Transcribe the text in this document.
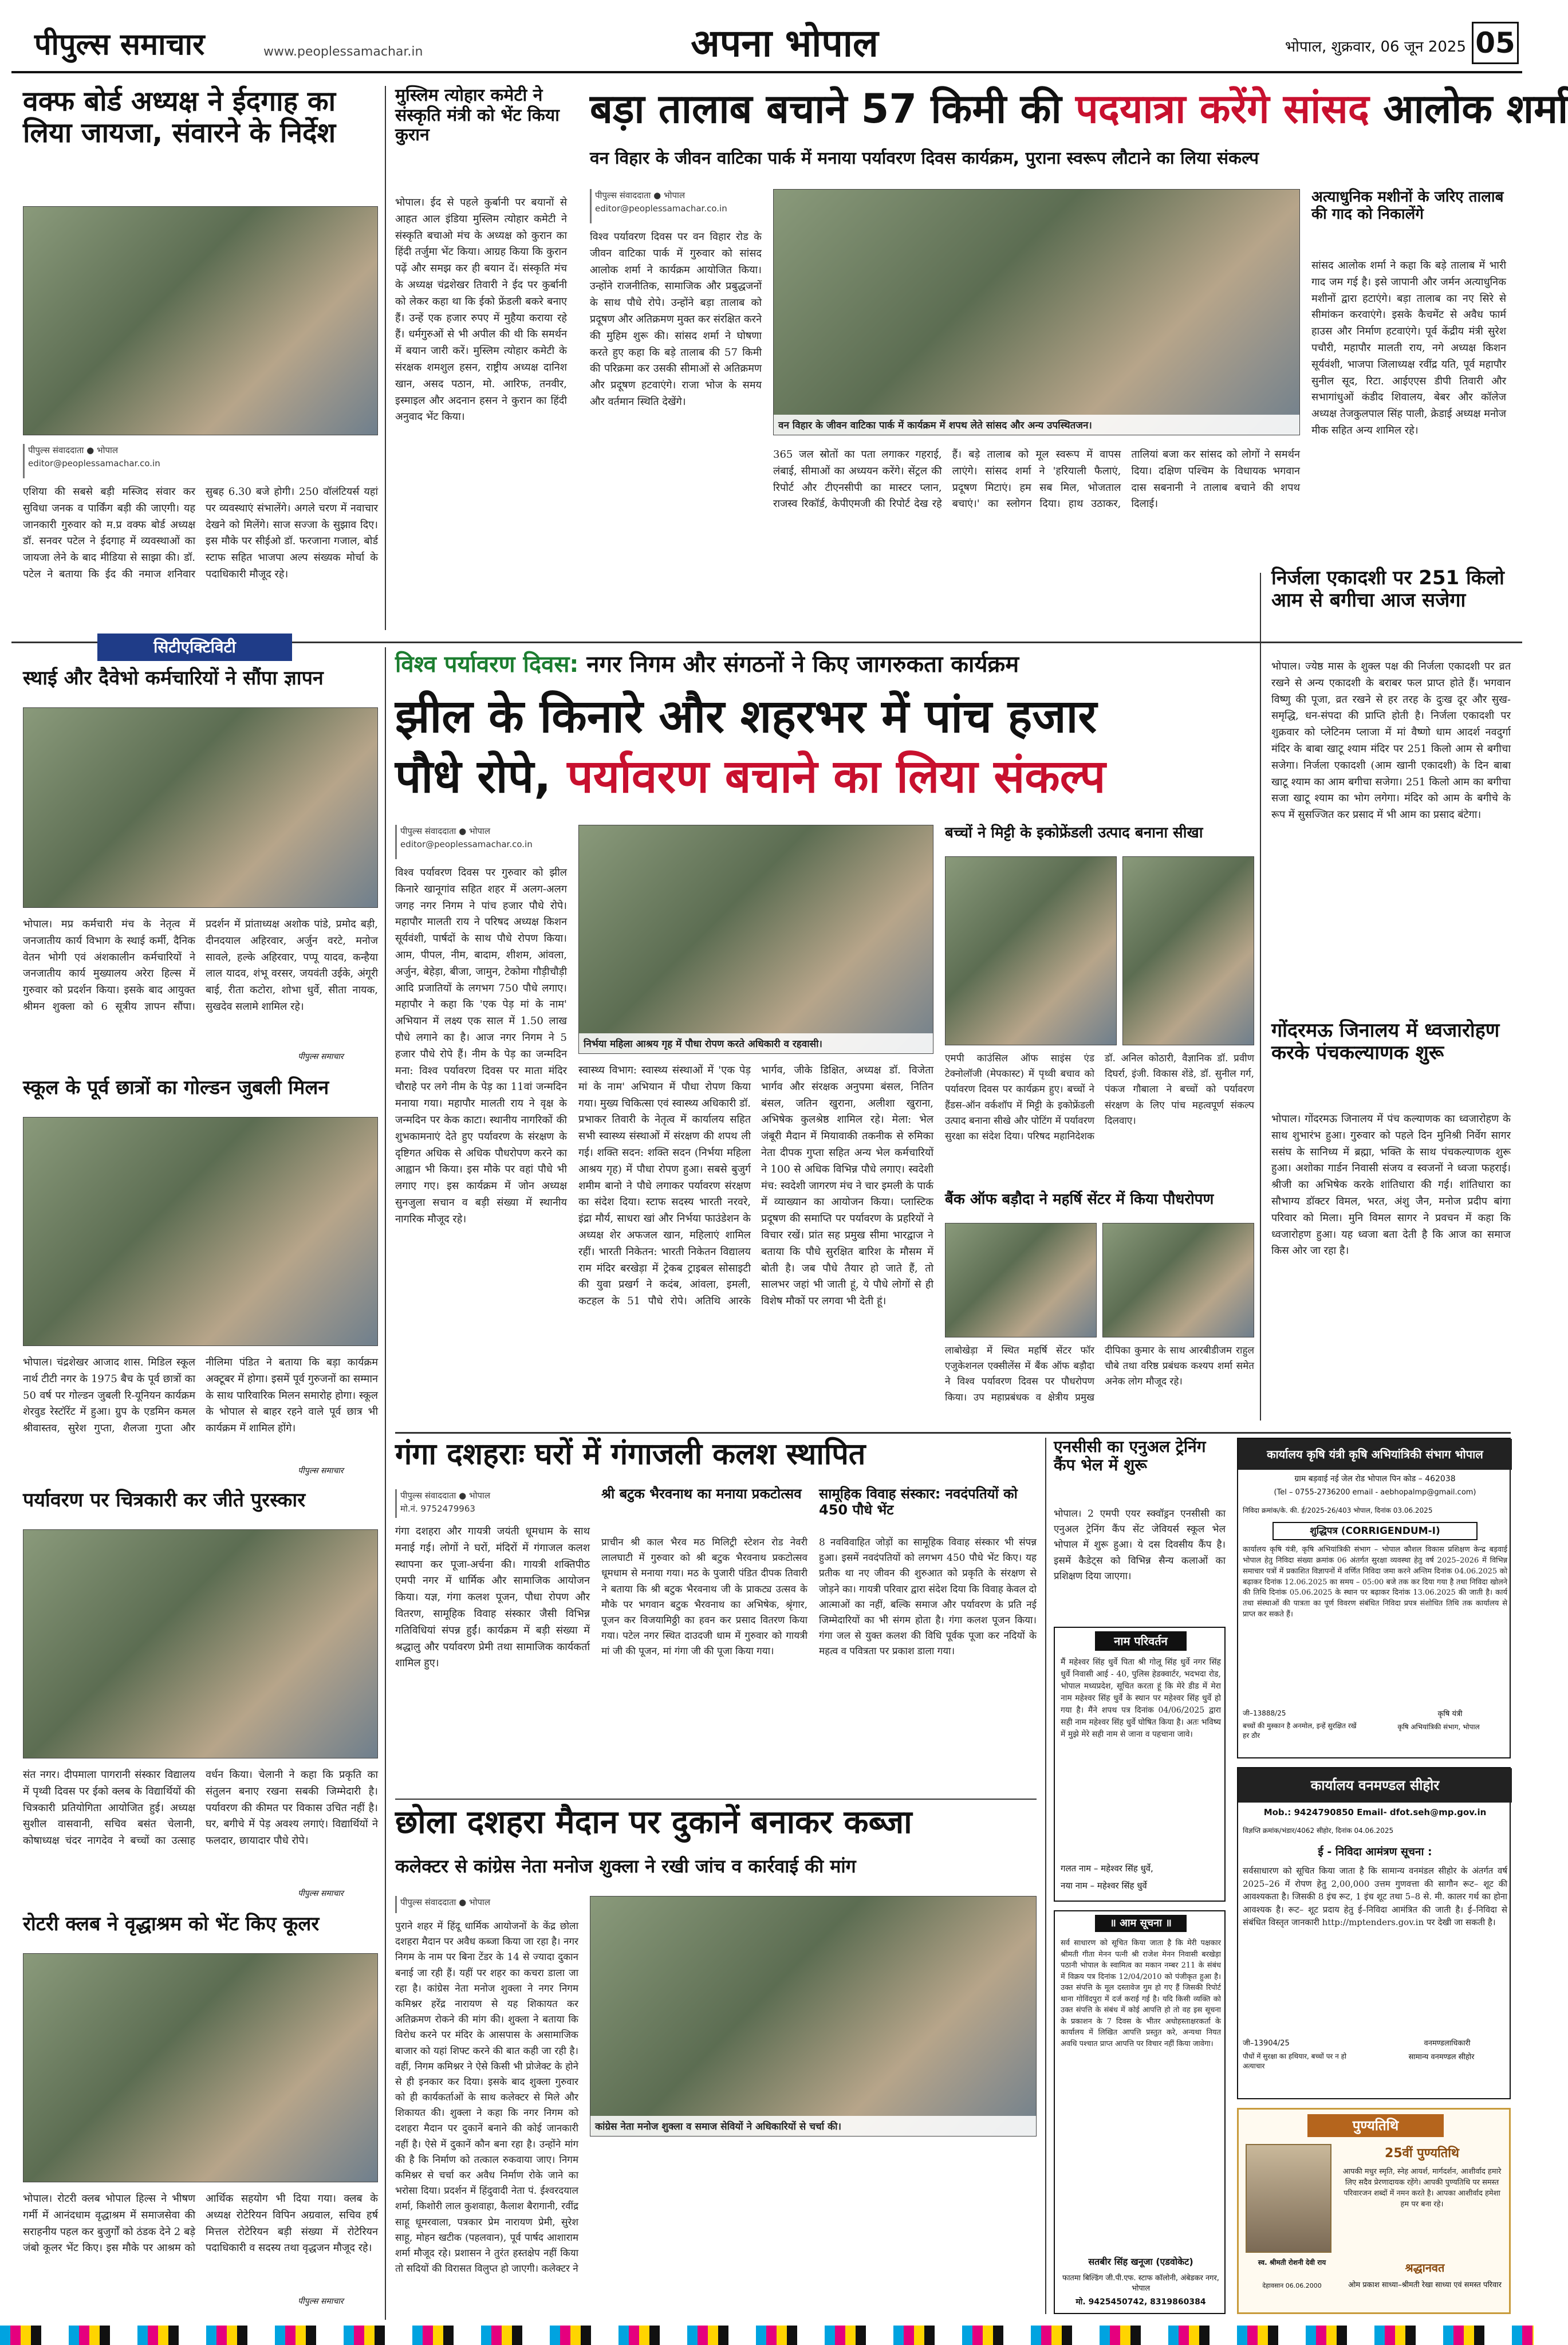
पीपुल्स समाचार	www.peoplessamachar.in	अपना भोपाल	भोपाल, शुक्रवार, 06 जून 2025 05
वक्फ बोर्ड अध्यक्ष ने ईदगाह का लिया जायजा, संवारने के निर्देश
पीपुल्स संवाददाता ● भोपाल
editor@peoplessamachar.co.in
एशिया की सबसे बड़ी मस्जिद संवार कर सुविधा जनक व पार्किंग बड़ी की जाएगी। यह जानकारी गुरुवार को म.प्र वक्फ बोर्ड अध्यक्ष डॉ. सनवर पटेल ने ईदगाह में व्यवस्थाओं का जायजा लेने के बाद मीडिया से साझा की। डॉ. पटेल ने बताया कि ईद की नमाज शनिवार सुबह 6.30 बजे होगी। 250 वॉलंटियर्स यहां पर व्यवस्थाएं संभालेंगे। अगले चरण में नवाचार देखने को मिलेंगे। साज सज्जा के सुझाव दिए। इस मौके पर सीईओ डॉ. फरजाना गजाल, बोर्ड स्टाफ सहित भाजपा अल्प संख्यक मोर्चा के पदाधिकारी मौजूद रहे।
मुस्लिम त्योहार कमेटी ने संस्कृति मंत्री को भेंट किया कुरान
भोपाल। ईद से पहले कुर्बानी पर बयानों से आहत आल इंडिया मुस्लिम त्योहार कमेटी ने संस्कृति बचाओ मंच के अध्यक्ष को कुरान का हिंदी तर्जुमा भेंट किया। आग्रह किया कि कुरान पढ़ें और समझ कर ही बयान दें। संस्कृति मंच के अध्यक्ष चंद्रशेखर तिवारी ने ईद पर कुर्बानी को लेकर कहा था कि ईको फ्रेंडली बकरे बनाए हैं। उन्हें एक हजार रुपए में मुहैया कराया रहे हैं। धर्मगुरुओं से भी अपील की थी कि समर्थन में बयान जारी करें। मुस्लिम त्योहार कमेटी के संरक्षक शमशुल हसन, राष्ट्रीय अध्यक्ष दानिश खान, असद पठान, मो. आरिफ, तनवीर, इस्माइल और अदनान हसन ने कुरान का हिंदी अनुवाद भेंट किया।
बड़ा तालाब बचाने 57 किमी की पदयात्रा करेंगे सांसद आलोक शर्मा
वन विहार के जीवन वाटिका पार्क में मनाया पर्यावरण दिवस कार्यक्रम, पुराना स्वरूप लौटाने का लिया संकल्प
पीपुल्स संवाददाता ● भोपाल
editor@peoplessamachar.co.in
विश्व पर्यावरण दिवस पर वन विहार रोड के जीवन वाटिका पार्क में गुरुवार को सांसद आलोक शर्मा ने कार्यक्रम आयोजित किया। उन्होंने राजनीतिक, सामाजिक और प्रबुद्धजनों के साथ पौधे रोपे। उन्होंने बड़ा तालाब को प्रदूषण और अतिक्रमण मुक्त कर संरक्षित करने की मुहिम शुरू की। सांसद शर्मा ने घोषणा करते हुए कहा कि बड़े तालाब की 57 किमी की परिक्रमा कर उसकी सीमाओं से अतिक्रमण और प्रदूषण हटवाएंगे। राजा भोज के समय और वर्तमान स्थिति देखेंगे।
वन विहार के जीवन वाटिका पार्क में कार्यक्रम में शपथ लेते सांसद और अन्य उपस्थितजन।
365 जल स्रोतों का पता लगाकर गहराई, लंबाई, सीमाओं का अध्ययन करेंगे। सेंट्रल की रिपोर्ट और टीएनसीपी का मास्टर प्लान, राजस्व रिकॉर्ड, केपीएमजी की रिपोर्ट देख रहे हैं। बड़े तालाब को मूल स्वरूप में वापस लाएंगे। सांसद शर्मा ने 'हरियाली फैलाएं, प्रदूषण मिटाएं। हम सब मिल, भोजताल बचाएं।' का स्लोगन दिया। हाथ उठाकर, तालियां बजा कर सांसद को लोगों ने समर्थन दिया। दक्षिण पश्चिम के विधायक भगवान दास सबनानी ने तालाब बचाने की शपथ दिलाई।
अत्याधुनिक मशीनों के जरिए तालाब की गाद को निकालेंगे
सांसद आलोक शर्मा ने कहा कि बड़े तालाब में भारी गाद जम गई है। इसे जापानी और जर्मन अत्याधुनिक मशीनों द्वारा हटाएंगे। बड़ा तालाब का नए सिरे से सीमांकन करवाएंगे। इसके कैचमेंट से अवैध फार्म हाउस और निर्माण हटवाएंगे। पूर्व केंद्रीय मंत्री सुरेश पचौरी, महापौर मालती राय, नगे अध्यक्ष किशन सूर्यवंशी, भाजपा जिलाध्यक्ष रवींद्र यति, पूर्व महापौर सुनील सूद, रिटा. आईएएस डीपी तिवारी और सभागांधुओं कंडीद शिवालय, बेबर और कॉलेज अध्यक्ष तेजकुलपाल सिंह पाली, क्रेडाई अध्यक्ष मनोज मीक सहित अन्य शामिल रहे।
सिटीएक्टिविटी
स्थाई और दैवेभो कर्मचारियों ने सौंपा ज्ञापन
भोपाल। मप्र कर्मचारी मंच के नेतृत्व में जनजातीय कार्य विभाग के स्थाई कर्मी, दैनिक वेतन भोगी एवं अंशकालीन कर्मचारियों ने जनजातीय कार्य मुख्यालय अरेरा हिल्स में गुरुवार को प्रदर्शन किया। इसके बाद आयुक्त श्रीमन शुक्ला को 6 सूत्रीय ज्ञापन सौंपा। प्रदर्शन में प्रांताध्यक्ष अशोक पांडे, प्रमोद बड़ी, दीनदयाल अहिरवार, अर्जुन वरटे, मनोज सावले, हल्के अहिरवार, पप्पू यादव, कन्हैया लाल यादव, शंभू वरसर, जयवंती उईके, अंगूरी बाई, रीता कटोरा, शोभा धुर्वे, सीता नायक, सुखदेव सलामे शामिल रहे।
पीपुल्स समाचार
स्कूल के पूर्व छात्रों का गोल्डन जुबली मिलन
भोपाल। चंद्रशेखर आजाद शास. मिडिल स्कूल नार्थ टीटी नगर के 1975 बैच के पूर्व छात्रों का 50 वर्ष पर गोल्डन जुबली रि-यूनियन कार्यक्रम शेरवुड रेस्टॉरेंट में हुआ। ग्रुप के एडमिन कमल श्रीवास्तव, सुरेश गुप्ता, शैलजा गुप्ता और नीलिमा पंडित ने बताया कि बड़ा कार्यक्रम अक्टूबर में होगा। इसमें पूर्व गुरुजनों का सम्मान के साथ पारिवारिक मिलन समारोह होगा। स्कूल के भोपाल से बाहर रहने वाले पूर्व छात्र भी कार्यक्रम में शामिल होंगे।
पीपुल्स समाचार
पर्यावरण पर चित्रकारी कर जीते पुरस्कार
संत नगर। दीपमाला पागरानी संस्कार विद्यालय में पृथ्वी दिवस पर ईको क्लब के विद्यार्थियों की चित्रकारी प्रतियोगिता आयोजित हुई। अध्यक्ष सुशील वासवानी, सचिव बसंत चेलानी, कोषाध्यक्ष चंदर नागदेव ने बच्चों का उत्साह वर्धन किया। चेलानी ने कहा कि प्रकृति का संतुलन बनाए रखना सबकी जिम्मेदारी है। पर्यावरण की कीमत पर विकास उचित नहीं है। घर, बगीचे में पेड़ अवश्य लगाएं। विद्यार्थियों ने फलदार, छायादार पौधे रोपे।
पीपुल्स समाचार
रोटरी क्लब ने वृद्धाश्रम को भेंट किए कूलर
भोपाल। रोटरी क्लब भोपाल हिल्स ने भीषण गर्मी में आनंदधाम वृद्धाश्रम में समाजसेवा की सराहनीय पहल कर बुजुर्गों को ठंडक देने 2 बड़े जंबो कूलर भेंट किए। इस मौके पर आश्रम को आर्थिक सहयोग भी दिया गया। क्लब के अध्यक्ष रोटेरियन विपिन अग्रवाल, सचिव हर्ष मित्तल रोटेरियन बड़ी संख्या में रोटेरियन पदाधिकारी व सदस्य तथा वृद्धजन मौजूद रहे।
पीपुल्स समाचार
विश्व पर्यावरण दिवस: नगर निगम और संगठनों ने किए जागरुकता कार्यक्रम
झील के किनारे और शहरभर में पांच हजार
पौधे रोपे, पर्यावरण बचाने का लिया संकल्प
पीपुल्स संवाददाता ● भोपाल
editor@peoplessamachar.co.in
विश्व पर्यावरण दिवस पर गुरुवार को झील किनारे खानूगांव सहित शहर में अलग-अलग जगह नगर निगम ने पांच हजार पौधे रोपे। महापौर मालती राय ने परिषद अध्यक्ष किशन सूर्यवंशी, पार्षदों के साथ पौधे रोपण किया। आम, पीपल, नीम, बादाम, शीशम, आंवला, अर्जुन, बेहेड़ा, बीजा, जामुन, टेकोमा गौड़ीचौड़ी आदि प्रजातियों के लगभग 750 पौधे लगाए। महापौर ने कहा कि 'एक पेड़ मां के नाम' अभियान में लक्ष्य एक साल में 1.50 लाख पौधे लगाने का है। आज नगर निगम ने 5 हजार पौधे रोपे हैं। नीम के पेड़ का जन्मदिन मना: विश्व पर्यावरण दिवस पर माता मंदिर चौराहे पर लगे नीम के पेड़ का 11वां जन्मदिन मनाया गया। महापौर मालती राय ने वृक्ष के जन्मदिन पर केक काटा। स्थानीय नागरिकों की शुभकामनाएं देते हुए पर्यावरण के संरक्षण के दृष्टिगत अधिक से अधिक पौधरोपण करने का आह्वान भी किया। इस मौके पर वहां पौधे भी लगाए गए। इस कार्यक्रम में जोन अध्यक्ष सुनजुला सचान व बड़ी संख्या में स्थानीय नागरिक मौजूद रहे।
निर्भया महिला आश्रय गृह में पौधा रोपण करते अधिकारी व रहवासी।
स्वास्थ्य विभाग: स्वास्थ्य संस्थाओं में 'एक पेड़ मां के नाम' अभियान में पौधा रोपण किया गया। मुख्य चिकित्सा एवं स्वास्थ्य अधिकारी डॉ. प्रभाकर तिवारी के नेतृत्व में कार्यालय सहित सभी स्वास्थ्य संस्थाओं में संरक्षण की शपथ ली गई। शक्ति सदन: शक्ति सदन (निर्भया महिला आश्रय गृह) में पौधा रोपण हुआ। सबसे बुजुर्ग शमीम बानो ने पौधे लगाकर पर्यावरण संरक्षण का संदेश दिया। स्टाफ सदस्य भारती नरवरे, इंद्रा मौर्य, साधरा खां और निर्भया फाउंडेशन के अध्यक्ष शेर अफजल खान, महिलाएं शामिल रहीं। भारती निकेतन: भारती निकेतन विद्यालय राम मंदिर बरखेड़ा में ट्रेकब ट्राइबल सोसाइटी की युवा प्रखर्ग ने कदंब, आंवला, इमली, कटहल के 51 पौधे रोपे। अतिथि आरके भार्गव, जीके डिक्षित, अध्यक्ष डॉ. विजेता भार्गव और संरक्षक अनुपमा बंसल, नितिन बंसल, जतिन खुराना, अलीशा खुराना, अभिषेक कुलश्रेष्ठ शामिल रहे। मेला: भेल जंबूरी मैदान में मियावाकी तकनीक से रुमिका नेता दीपक गुप्ता सहित अन्य भेल कर्मचारियों ने 100 से अधिक विभिन्न पौधे लगाए। स्वदेशी मंच: स्वदेशी जागरण मंच ने चार इमली के पार्क में व्याख्यान का आयोजन किया। प्लास्टिक प्रदूषण की समाप्ति पर पर्यावरण के प्रहरियों ने विचार रखें। प्रांत सह प्रमुख सीमा भारद्वाज ने बताया कि पौधे सुरक्षित बारिश के मौसम में बोती है। जब पौधे तैयार हो जाते हैं, तो सालभर जहां भी जाती हूं, ये पौधे लोगों से ही विशेष मौकों पर लगवा भी देती हूं।
बच्चों ने मिट्टी के इकोफ्रेंडली उत्पाद बनाना सीखा
एमपी काउंसिल ऑफ साइंस एंड टेक्नोलॉजी (मेपकास्ट) में पृथ्वी बचाव को पर्यावरण दिवस पर कार्यक्रम हुए। बच्चों ने हैंडस-ऑन वर्कशॉप में मिट्टी के इकोफ्रेंडली उत्पाद बनाना सीखे और पोटिंग में पर्यावरण सुरक्षा का संदेश दिया। परिषद महानिदेशक डॉ. अनिल कोठारी, वैज्ञानिक डॉ. प्रवीण दिघर्रा, इंजी. विकास शेंडे, डॉ. सुनील गर्ग, पंकज गौबाला ने बच्चों को पर्यावरण संरक्षण के लिए पांच महत्वपूर्ण संकल्प दिलवाए।
बैंक ऑफ बड़ौदा ने महर्षि सेंटर में किया पौधरोपण
लाबोखेड़ा में स्थित महर्षि सेंटर फॉर एजुकेशनल एक्सीलेंस में बैंक ऑफ बड़ौदा ने विश्व पर्यावरण दिवस पर पौधरोपण किया। उप महाप्रबंधक व क्षेत्रीय प्रमुख दीपिका कुमार के साथ आरबीडीजम राहुल चौबे तथा वरिष्ठ प्रबंधक कश्यप शर्मा समेत अनेक लोग मौजूद रहे।
निर्जला एकादशी पर 251 किलो आम से बगीचा आज सजेगा
भोपाल। ज्येष्ठ मास के शुक्ल पक्ष की निर्जला एकादशी पर व्रत रखने से अन्य एकादशी के बराबर फल प्राप्त होते हैं। भगवान विष्णु की पूजा, व्रत रखने से हर तरह के दुःख दूर और सुख-समृद्धि, धन-संपदा की प्राप्ति होती है। निर्जला एकादशी पर शुक्रवार को प्लेटिनम प्लाजा में मां वैष्णो धाम आदर्श नवदुर्गा मंदिर के बाबा खाटू श्याम मंदिर पर 251 किलो आम से बगीचा सजेगा। निर्जला एकादशी (आम खानी एकादशी) के दिन बाबा खाटू श्याम का आम बगीचा सजेगा। 251 किलो आम का बगीचा सजा खाटू श्याम का भोग लगेगा। मंदिर को आम के बगीचे के रूप में सुसज्जित कर प्रसाद में भी आम का प्रसाद बंटेगा।
गोंदरमऊ जिनालय में ध्वजारोहण करके पंचकल्याणक शुरू
भोपाल। गोंदरमऊ जिनालय में पंच कल्याणक का ध्वजारोहण के साथ शुभारंभ हुआ। गुरुवार को पहले दिन मुनिश्री निर्वेग सागर ससंघ के सानिध्य में ब्रह्मा, भक्ति के साथ पंचकल्याणक शुरू हुआ। अशोका गार्डन निवासी संजय व स्वजनों ने ध्वजा फहराई। श्रीजी का अभिषेक करके शांतिधारा की गई। शांतिधारा का सौभाग्य डॉक्टर विमल, भरत, अंशु जैन, मनोज प्रदीप बांगा परिवार को मिला। मुनि विमल सागर ने प्रवचन में कहा कि ध्वजारोहण हुआ। यह ध्वजा बता देती है कि आज का समाज किस ओर जा रहा है।
गंगा दशहराः घरों में गंगाजली कलश स्थापित
पीपुल्स संवाददाता ● भोपाल
मो.नं. 9752479963
गंगा दशहरा और गायत्री जयंती धूमधाम के साथ मनाई गई। लोगों ने घरों, मंदिरों में गंगाजल कलश स्थापना कर पूजा-अर्चना की। गायत्री शक्तिपीठ एमपी नगर में धार्मिक और सामाजिक आयोजन किया। यज्ञ, गंगा कलश पूजन, पौधा रोपण और वितरण, सामूहिक विवाह संस्कार जैसी विभिन्न गतिविधियां संपन्न हुईं। कार्यक्रम में बड़ी संख्या में श्रद्धालु और पर्यावरण प्रेमी तथा सामाजिक कार्यकर्ता शामिल हुए।
श्री बटुक भैरवनाथ का मनाया प्रकटोत्सव
प्राचीन श्री काल भैरव मठ मिलिट्री स्टेशन रोड नेवरी लालघाटी में गुरुवार को श्री बटुक भैरवनाथ प्रकटोत्सव धूमधाम से मनाया गया। मठ के पुजारी पंडित दीपक तिवारी ने बताया कि श्री बटुक भैरवनाथ जी के प्राकट्य उत्सव के मौके पर भगवान बटुक भैरवनाथ का अभिषेक, श्रृंगार, पूजन कर विजयामिठ्ठी का हवन कर प्रसाद वितरण किया गया। पटेल नगर स्थित दाउदजी धाम में गुरुवार को गायत्री मां जी की पूजन, मां गंगा जी की पूजा किया गया।
सामूहिक विवाह संस्कार: नवदंपतियों को 450 पौधे भेंट
8 नवविवाहित जोड़ों का सामूहिक विवाह संस्कार भी संपन्न हुआ। इसमें नवदंपतियों को लगभग 450 पौधे भेंट किए। यह प्रतीक था नए जीवन की शुरुआत को प्रकृति के संरक्षण से जोड़ने का। गायत्री परिवार द्वारा संदेश दिया कि विवाह केवल दो आत्माओं का नहीं, बल्कि समाज और पर्यावरण के प्रति नई जिम्मेदारियों का भी संगम होता है। गंगा कलश पूजन किया। गंगा जल से युक्त कलश की विधि पूर्वक पूजा कर नदियों के महत्व व पवित्रता पर प्रकाश डाला गया।
एनसीसी का एनुअल ट्रेनिंग कैंप भेल में शुरू
भोपाल। 2 एमपी एयर स्क्वॉड्रन एनसीसी का एनुअल ट्रेनिंग कैंप सेंट जेवियर्स स्कूल भेल भोपाल में शुरू हुआ। ये दस दिवसीय कैंप है। इसमें कैडेट्स को विभिन्न सैन्य कलाओं का प्रशिक्षण दिया जाएगा।
नाम परिवर्तन
मैं महेश्वर सिंह धुर्वे पिता श्री गोलू सिंह धुर्वे नगर सिंह धुर्वे निवासी आई - 40, पुलिस हेडक्वार्टर, भदभदा रोड, भोपाल मध्यप्रदेश, सूचित करता हूं कि मेरे डीड में मेरा नाम महेश्वर सिंह धुर्वे के स्थान पर महेश्वर सिंह धुर्वे हो गया है। मैंने शपथ पत्र दिनांक 04/06/2025 द्वारा सही नाम महेश्वर सिंह धुर्वे घोषित किया है। अतः भविष्य में मुझे मेरे सही नाम से जाना व पहचाना जावे।
गलत नाम – महेश्वर सिंह धुर्वे,
नया नाम – महेश्वर सिंह धुर्वे
॥ आम सूचना ॥
सर्व साधारण को सूचित किया जाता है कि मेरी पक्षकार श्रीमती गीता मेनन पत्नी श्री राजेश मेनन निवासी बरखेड़ा पठानी भोपाल के स्वामित्व का मकान नम्बर 211 के संबंध में विक्रय पत्र दिनांक 12/04/2010 को पंजीकृत हुआ है। उक्त संपत्ति के मूल दस्तावेज गुम हो गए हैं जिसकी रिपोर्ट थाना गोविंदपुरा में दर्ज कराई गई है। यदि किसी व्यक्ति को उक्त संपत्ति के संबंध में कोई आपत्ति हो तो वह इस सूचना के प्रकाशन के 7 दिवस के भीतर अधोहस्ताक्षरकर्ता के कार्यालय में लिखित आपत्ति प्रस्तुत करे, अन्यथा नियत अवधि पश्चात प्राप्त आपत्ति पर विचार नहीं किया जावेगा।
सतबीर सिंह खनूजा (एडवोकेट)
फातमा बिल्डिंग जी.पी.एफ. स्टाफ कॉलोनी, अंबेडकर नगर, भोपाल
मो. 9425450742, 8319860384
छोला दशहरा मैदान पर दुकानें बनाकर कब्जा
कलेक्टर से कांग्रेस नेता मनोज शुक्ला ने रखी जांच व कार्रवाई की मांग
पीपुल्स संवाददाता ● भोपाल
कांग्रेस नेता मनोज शुक्ला व समाज सेवियों ने अधिकारियों से चर्चा की।
पुराने शहर में हिंदू धार्मिक आयोजनों के केंद्र छोला दशहरा मैदान पर अवैध कब्जा किया जा रहा है। नगर निगम के नाम पर बिना टेंडर के 14 से ज्यादा दुकान बनाई जा रही हैं। यहीं पर शहर का कचरा डाला जा रहा है। कांग्रेस नेता मनोज शुक्ला ने नगर निगम कमिश्नर हरेंद्र नारायण से यह शिकायत कर अतिक्रमण रोकने की मांग की। शुक्ला ने बताया कि विरोध करने पर मंदिर के आसपास के असामाजिक बाजार को यहां शिफ्ट करने की बात कही जा रही है। वहीं, निगम कमिश्नर ने ऐसे किसी भी प्रोजेक्ट के होने से ही इनकार कर दिया। इसके बाद शुक्ला गुरुवार को ही कार्यकर्ताओं के साथ कलेक्टर से मिले और शिकायत की। शुक्ला ने कहा कि नगर निगम को दशहरा मैदान पर दुकानें बनाने की कोई जानकारी नहीं है। ऐसे में दुकानें कौन बना रहा है। उन्होंने मांग की है कि निर्माण को तत्काल रुकवाया जाए। निगम कमिश्नर से चर्चा कर अवैध निर्माण रोके जाने का भरोसा दिया। प्रदर्शन में हिंदुवादी नेता पं. ईश्वरदयाल शर्मा, किशोरी लाल कुशवाहा, कैलाश बैरागानी, रवींद्र साहू धूमरवाला, पत्रकार प्रेम नारायण प्रेमी, सुरेश साहू, मोहन खटीक (पहलवान), पूर्व पार्षद आशाराम शर्मा मौजूद रहे। प्रशासन ने तुरंत हस्तक्षेप नहीं किया तो सदियों की विरासत विलुप्त हो जाएगी। कलेक्टर ने
कार्यालय कृषि यंत्री कृषि अभियांत्रिकी संभाग भोपाल
ग्राम बड़वाई नई जेल रोड भोपाल पिन कोड – 462038
(Tel – 0755-2736200 email - aebhopalmp@gmail.com)
निविदा क्रमांक/के. की. ई/2025-26/403 भोपाल, दिनांक 03.06.2025
शुद्धिपत्र (CORRIGENDUM-I)
कार्यालय कृषि यंत्री, कृषि अभियांत्रिकी संभाग – भोपाल कौशल विकास प्रशिक्षण केन्द्र बड़वाई भोपाल हेतु निविदा संख्या क्रमांक 06 अंतर्गत सुरक्षा व्यवस्था हेतु वर्ष 2025–2026 में विभिन्न समाचार पत्रों में प्रकाशित विज्ञापनों में वर्णित निविदा जमा करने अन्तिम दिनांक 04.06.2025 को बढ़ाकर दिनांक 12.06.2025 का समय – 05:00 बजे तक कर दिया गया है तथा निविदा खोलने की तिथि दिनांक 05.06.2025 के स्थान पर बढ़ाकर दिनांक 13.06.2025 की जाती है। कार्य तथा संस्थाओं की पात्रता का पूर्ण विवरण संबंधित निविदा प्रपत्र संशोधित तिथि तक कार्यालय से प्राप्त कर सकते हैं।
जी–13888/25
बच्चों की मुस्कान है अनमोल, इन्हें सुरक्षित रखें हर ठौर
कृषि यंत्री
कृषि अभियांत्रिकी संभाग, भोपाल
कार्यालय वनमण्डल सीहोर
Mob.: 9424790850 Email- dfot.seh@mp.gov.in
विज्ञप्ति क्रमांक/भंडार/4062 सीहोर, दिनांक 04.06.2025
ई - निविदा आमंत्रण सूचना :
सर्वसाधारण को सूचित किया जाता है कि सामान्य वनमंडल सीहोर के अंतर्गत वर्ष 2025–26 में रोपण हेतु 2,00,000 उत्तम गुणवत्ता की सागौन रूट– शूट की आवश्यकता है। जिसकी 8 इंच रूट, 1 इंच शूट तथा 5–8 से. मी. कालर गर्थ का होना आवश्यक है। रूट– शूट प्रदाय हेतु ई–निविदा आमंत्रित की जाती है। ई–निविदा से संबंधित विस्तृत जानकारी http://mptenders.gov.in पर देखी जा सकती है।
जी–13904/25
पौधों में सुरक्षा का हथियार, बच्चों पर न हो अत्याचार
वनमण्डलाधिकारी
सामान्य वनमण्डल सीहोर
पुण्यतिथि
25वीं पुण्यतिथि
आपकी मधुर स्मृति, स्नेह आयर्श, मार्गदर्शन, आशीर्वाद हमारे लिए सदैव प्रेरणादायक रहेंगे। आपकी पुण्यतिथि पर समस्त परिवारजन शब्दों में नमन करते है। आपका आशीर्वाद हमेशा हम पर बना रहे।
स्व. श्रीमती रोशनी देवी राय
देहावसान 06.06.2000
श्रद्धानवत
ओम प्रकाश साध्या–श्रीमती रेखा साध्या एवं समस्त परिवार
